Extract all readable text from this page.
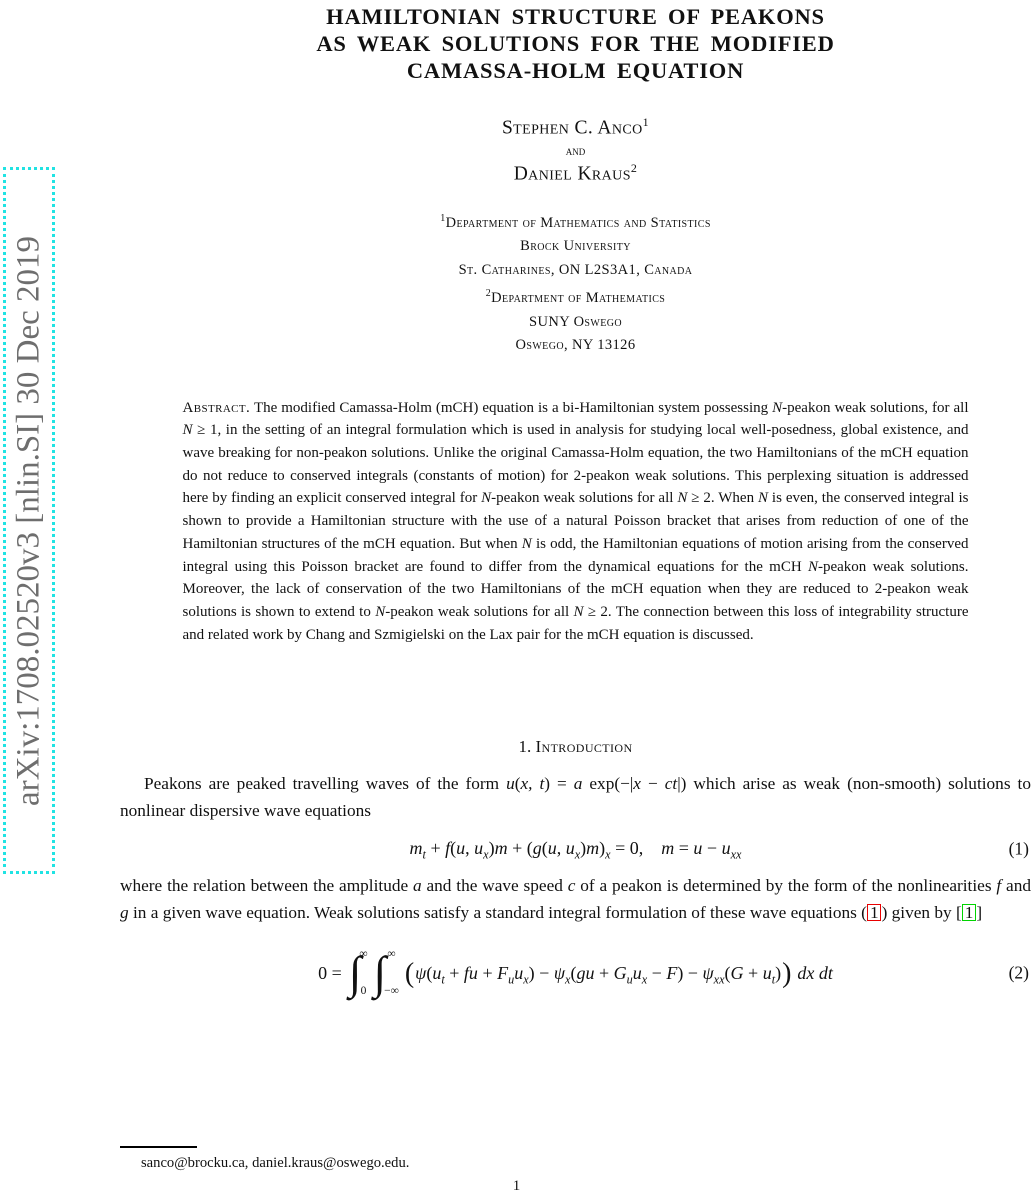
arXiv:1708.02520v3 [nlin.SI] 30 Dec 2019
HAMILTONIAN STRUCTURE OF PEAKONS
AS WEAK SOLUTIONS FOR THE MODIFIED
CAMASSA-HOLM EQUATION
Stephen C. Anco$^1$
and
Daniel Kraus$^2$
$^1$Department of Mathematics and Statistics
Brock University
St. Catharines, ON L2S3A1, Canada
$^2$Department of Mathematics
SUNY Oswego
Oswego, NY 13126
Abstract. The modified Camassa-Holm (mCH) equation is a bi-Hamiltonian system possessing N-peakon weak solutions, for all N ≥ 1, in the setting of an integral formulation which is used in analysis for studying local well-posedness, global existence, and wave breaking for non-peakon solutions. Unlike the original Camassa-Holm equation, the two Hamiltonians of the mCH equation do not reduce to conserved integrals (constants of motion) for 2-peakon weak solutions. This perplexing situation is addressed here by finding an explicit conserved integral for N-peakon weak solutions for all N ≥ 2. When N is even, the conserved integral is shown to provide a Hamiltonian structure with the use of a natural Poisson bracket that arises from reduction of one of the Hamiltonian structures of the mCH equation. But when N is odd, the Hamiltonian equations of motion arising from the conserved integral using this Poisson bracket are found to differ from the dynamical equations for the mCH N-peakon weak solutions. Moreover, the lack of conservation of the two Hamiltonians of the mCH equation when they are reduced to 2-peakon weak solutions is shown to extend to N-peakon weak solutions for all N ≥ 2. The connection between this loss of integrability structure and related work by Chang and Szmigielski on the Lax pair for the mCH equation is discussed.
1. Introduction

Peakons are peaked travelling waves of the form u(x, t) = a exp(−|x − ct|) which arise as weak (non-smooth) solutions to nonlinear dispersive wave equations

$m_t + f(u$, $u_x)m + (g(u$, $u_x)m)_x = 0$,    $m = u - u_{xx}$	(1)

where the relation between the amplitude a and the wave speed c of a peakon is determined by the form of the nonlinearities f and g in a given wave equation. Weak solutions satisfy a standard integral formulation of these wave equations ( 1 ) given by [ 1 ]

0 = ∫
∞
0 ∫ ∞
−∞
( $\psi(u_t$ + fu + $F_uu_x) - \psi_x(gu + G_uu_x - F) - \psi_{xx}(G + u_t)$ ) dx dt	(2)
sanco@brocku.ca, daniel.kraus@oswego.edu.
1
